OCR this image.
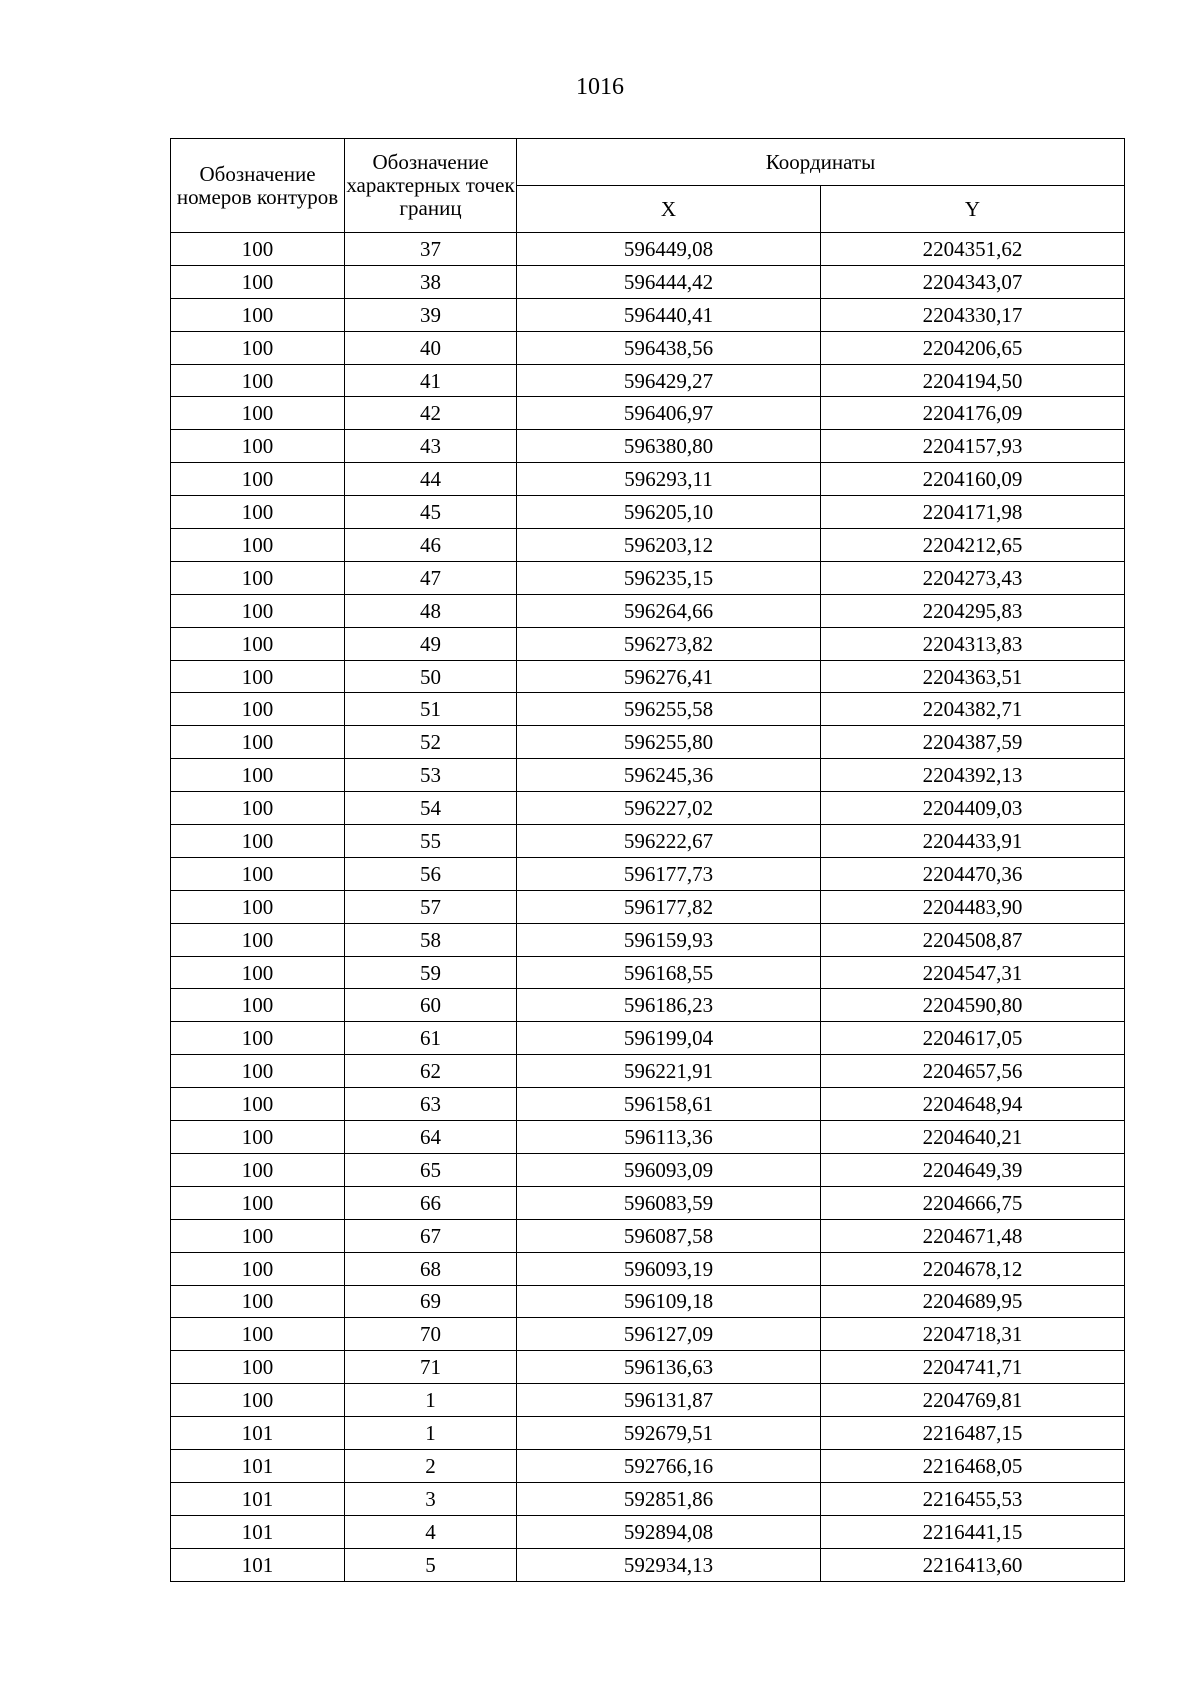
1016
Обозначение номеров контуров	Обозначение характерных точек границ	Координаты	
		X	Y
100	37	596449,08	2204351,62
100	38	596444,42	2204343,07
100	39	596440,41	2204330,17
100	40	596438,56	2204206,65
100	41	596429,27	2204194,50
100	42	596406,97	2204176,09
100	43	596380,80	2204157,93
100	44	596293,11	2204160,09
100	45	596205,10	2204171,98
100	46	596203,12	2204212,65
100	47	596235,15	2204273,43
100	48	596264,66	2204295,83
100	49	596273,82	2204313,83
100	50	596276,41	2204363,51
100	51	596255,58	2204382,71
100	52	596255,80	2204387,59
100	53	596245,36	2204392,13
100	54	596227,02	2204409,03
100	55	596222,67	2204433,91
100	56	596177,73	2204470,36
100	57	596177,82	2204483,90
100	58	596159,93	2204508,87
100	59	596168,55	2204547,31
100	60	596186,23	2204590,80
100	61	596199,04	2204617,05
100	62	596221,91	2204657,56
100	63	596158,61	2204648,94
100	64	596113,36	2204640,21
100	65	596093,09	2204649,39
100	66	596083,59	2204666,75
100	67	596087,58	2204671,48
100	68	596093,19	2204678,12
100	69	596109,18	2204689,95
100	70	596127,09	2204718,31
100	71	596136,63	2204741,71
100	1	596131,87	2204769,81
101	1	592679,51	2216487,15
101	2	592766,16	2216468,05
101	3	592851,86	2216455,53
101	4	592894,08	2216441,15
101	5	592934,13	2216413,60
